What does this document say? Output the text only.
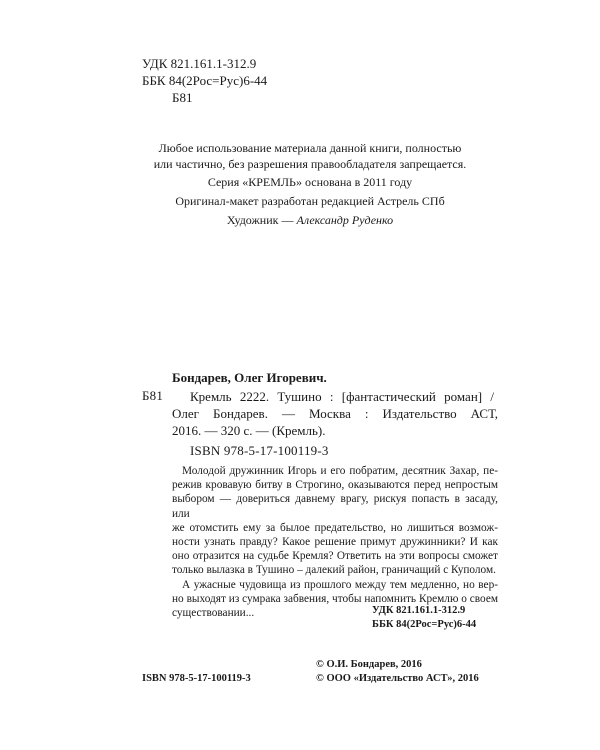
УДК 821.161.1-312.9
ББК 84(2Рос=Рус)6-44
Б81
Любое использование материала данной книги, полностью
или частично, без разрешения правообладателя запрещается.
Серия «КРЕМЛЬ» основана в 2011 году
Оригинал-макет разработан редакцией Астрель СПб
Художник — Александр Руденко
Бондарев, Олег Игоревич.
Б81 Кремль 2222. Тушино : [фантастический роман] /
Олег Бондарев. — Москва : Издательство АСТ,
2016. — 320 с. — (Кремль).
ISBN 978-5-17-100119-3
Молодой дружинник Игорь и его побратим, десятник Захар, пе-
режив кровавую битву в Строгино, оказываются перед непростым
выбором — довериться давнему врагу, рискуя попасть в засаду, или
же отомстить ему за былое предательство, но лишиться возмож-
ности узнать правду? Какое решение примут дружинники? И как
оно отразится на судьбе Кремля? Ответить на эти вопросы сможет
только вылазка в Тушино – далекий район, граничащий с Куполом.
А ужасные чудовища из прошлого между тем медленно, но вер-
но выходят из сумрака забвения, чтобы напомнить Кремлю о своем
существовании...	УДК 821.161.1-312.9
ББК 84(2Рос=Рус)6-44
ISBN 978-5-17-100119-3
© О.И. Бондарев, 2016
© ООО «Издательство АСТ», 2016
